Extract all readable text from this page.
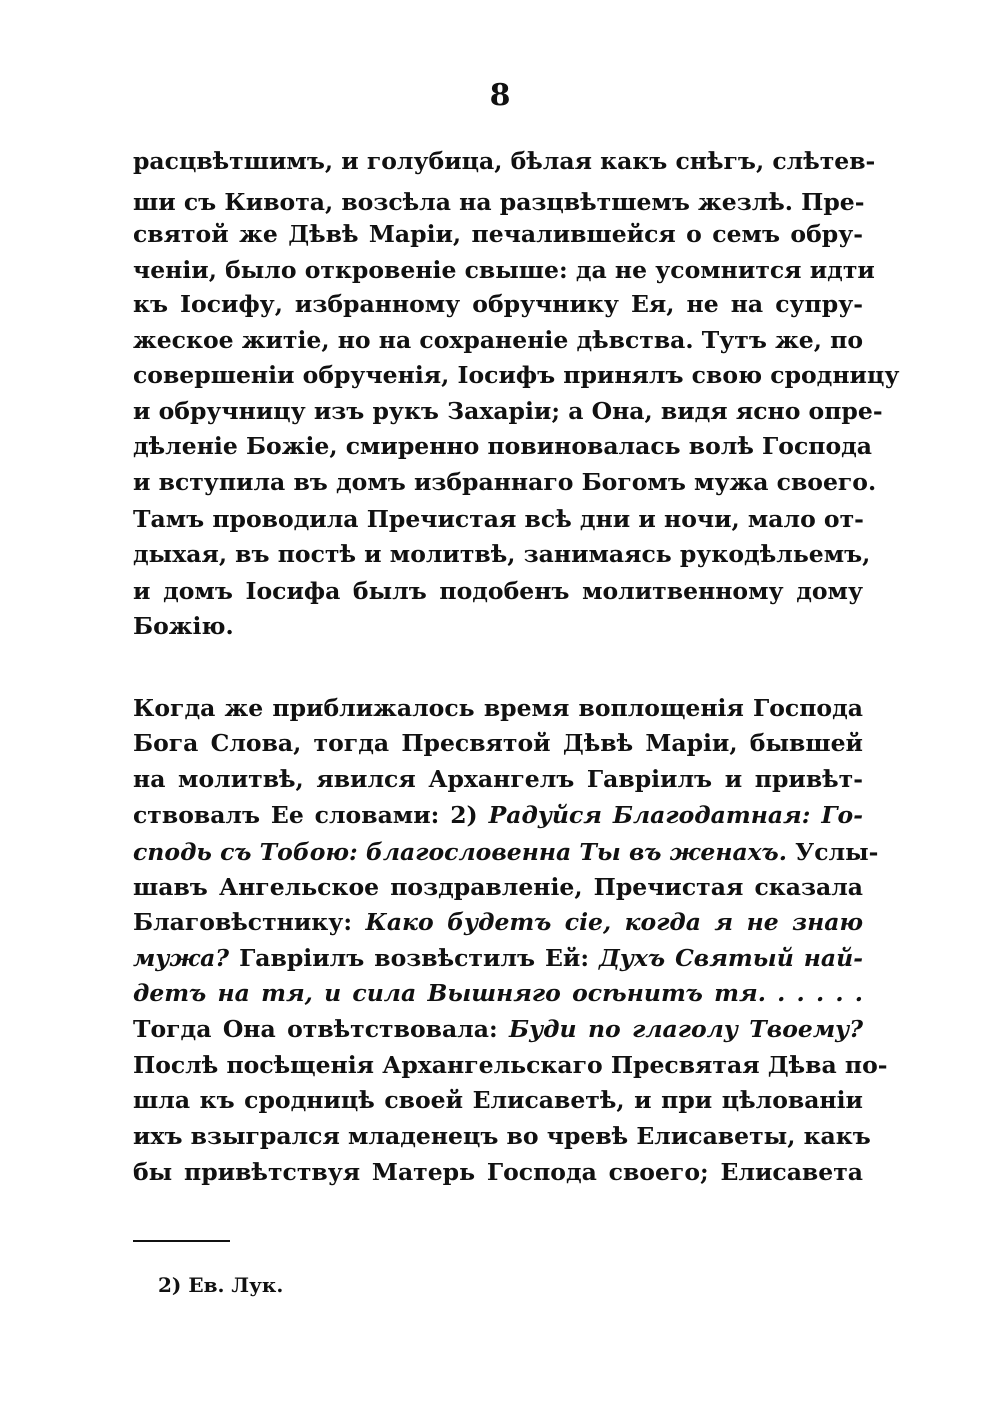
8
расцвѣтшимъ, и голубица, бѣлая какъ снѣгъ, слѣтев-
ши съ Кивота, возсѣла на разцвѣтшемъ жезлѣ. Пре-
святой же Дѣвѣ Маріи, печалившейся о семъ обру-
ченіи, было откровеніе свыше: да не усомнится идти
къ Іосифу, избранному обручнику Ея, не на супру-
жеское житіе, но на сохраненіе дѣвства. Тутъ же, по
совершеніи обрученія, Іосифъ принялъ свою сродницу
и обручницу изъ рукъ Захаріи; а Она, видя ясно опре-
дѣленіе Божіе, смиренно повиновалась волѣ Господа
и вступила въ домъ избраннаго Богомъ мужа своего.
Тамъ проводила Пречистая всѣ дни и ночи, мало от-
дыхая, въ постѣ и молитвѣ, занимаясь рукодѣльемъ,
и домъ Іосифа былъ подобенъ молитвенному дому
Божію.
Когда же приближалось время воплощенія Господа
Бога Слова, тогда Пресвятой Дѣвѣ Маріи, бывшей
на молитвѣ, явился Архангелъ Гавріилъ и привѣт-
ствовалъ Ее словами: 2) Радуйся Благодатная: Го-
сподь съ Тобою: благословенна Ты въ женахъ. Услы-
шавъ Ангельское поздравленіе, Пречистая сказала
Благовѣстнику: Како будетъ сіе, когда я не знаю
мужа? Гавріилъ возвѣстилъ Ей: Духъ Святый най-
детъ на тя, и сила Вышняго осѣнитъ тя. . . . . .
Тогда Она отвѣтствовала: Буди по глаголу Твоему?
Послѣ посѣщенія Архангельскаго Пресвятая Дѣва по-
шла къ сродницѣ своей Елисаветѣ, и при цѣлованіи
ихъ взыгрался младенецъ во чревѣ Елисаветы, какъ
бы привѣтствуя Матерь Господа своего; Елисавета
2) Ев. Лук.
